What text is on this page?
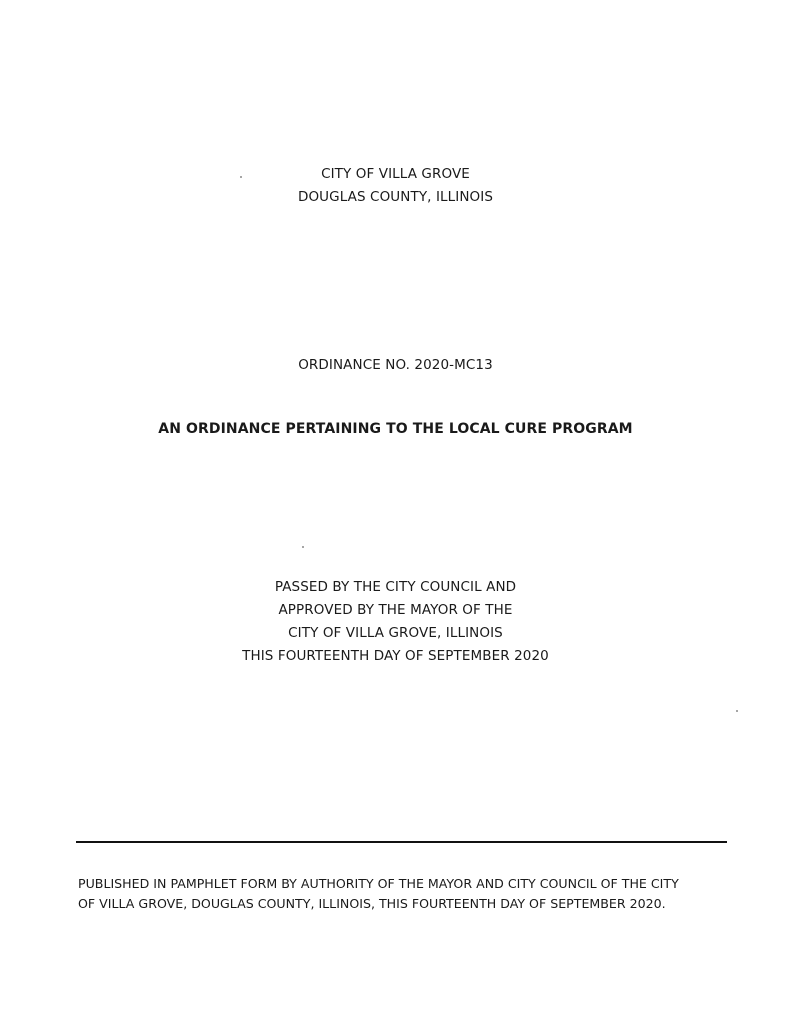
CITY OF VILLA GROVE
DOUGLAS COUNTY, ILLINOIS
ORDINANCE NO. 2020-MC13
AN ORDINANCE PERTAINING TO THE LOCAL CURE PROGRAM
PASSED BY THE CITY COUNCIL AND
APPROVED BY THE MAYOR OF THE
CITY OF VILLA GROVE, ILLINOIS
THIS FOURTEENTH DAY OF SEPTEMBER 2020
PUBLISHED IN PAMPHLET FORM BY AUTHORITY OF THE MAYOR AND CITY COUNCIL OF THE CITY
OF VILLA GROVE, DOUGLAS COUNTY, ILLINOIS, THIS FOURTEENTH DAY OF SEPTEMBER 2020.
